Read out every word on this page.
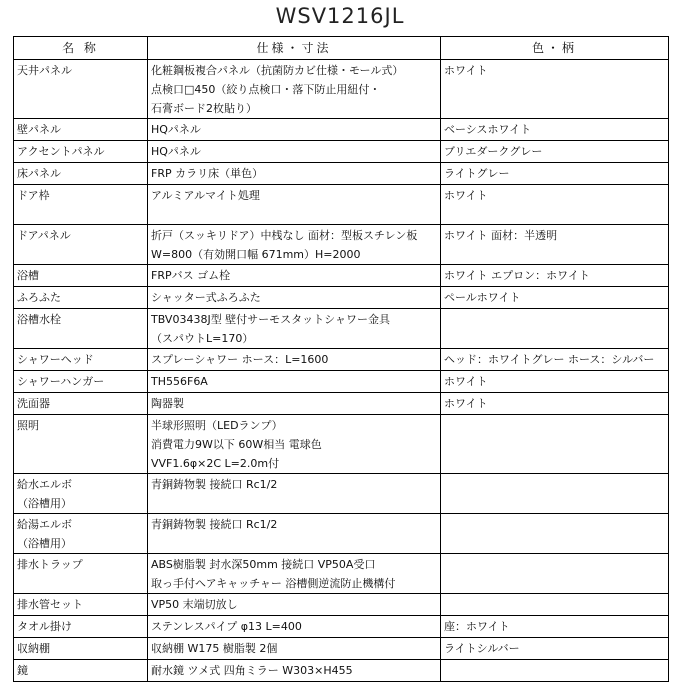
WSV1216JL
名 称	仕様・寸法	色・柄

天井パネル	化粧鋼板複合パネル（抗菌防カビ仕様・モール式）
点検口□450（絞り点検口・落下防止用紐付・
石膏ボード2枚貼り）	ホワイト

壁パネル	HQパネル	ベーシスホワイト

アクセントパネル	HQパネル	ブリエダークグレー

床パネル	FRP カラリ床（単色）	ライトグレー

ドア枠	アルミアルマイト処理	ホワイト

ドアパネル	折戸（スッキリドア）中桟なし 面材：型板スチレン板
W=800（有効開口幅 671mm）H=2000	ホワイト 面材：半透明

浴槽	FRPバス ゴム栓	ホワイト エプロン：ホワイト

ふろふた	シャッター式ふろふた	ペールホワイト

浴槽水栓	TBV03438J型 壁付サーモスタットシャワー金具
（スパウトL=170）	

シャワーヘッド	スプレーシャワー ホース：L=1600	ヘッド：ホワイトグレー ホース：シルバー

シャワーハンガー	TH556F6A	ホワイト

洗面器	陶器製	ホワイト

照明	半球形照明（LEDランプ）
消費電力9W以下 60W相当 電球色
VVF1.6φ×2C L=2.0m付	

給水エルボ
（浴槽用）	青銅鋳物製 接続口 Rc1/2	

給湯エルボ
（浴槽用）	青銅鋳物製 接続口 Rc1/2	

排水トラップ	ABS樹脂製 封水深50mm 接続口 VP50A受口
取っ手付ヘアキャッチャー 浴槽側逆流防止機構付	

排水管セット	VP50 末端切放し	

タオル掛け	ステンレスパイプ φ13 L=400	座：ホワイト

収納棚	収納棚 W175 樹脂製 2個	ライトシルバー

鏡	耐水鏡 ツメ式 四角ミラー W303×H455	
